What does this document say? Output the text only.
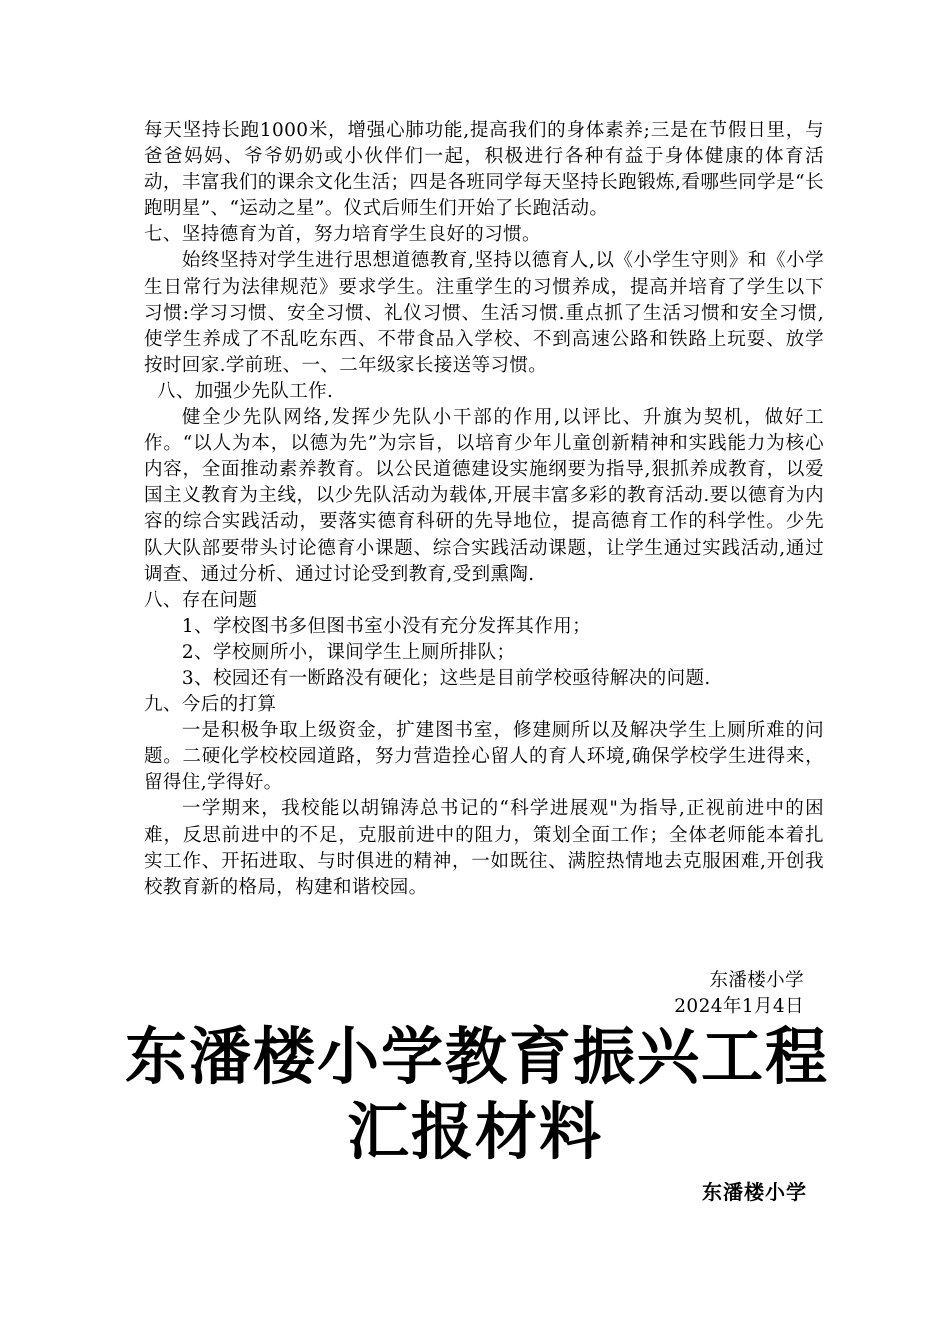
每天坚持长跑1000米，增强心肺功能,提高我们的身体素养;三是在节假日里，与爸爸妈妈、爷爷奶奶或小伙伴们一起，积极进行各种有益于身体健康的体育活动，丰富我们的课余文化生活；四是各班同学每天坚持长跑锻炼,看哪些同学是“长跑明星”、“运动之星”。仪式后师生们开始了长跑活动。

七、坚持德育为首，努力培育学生良好的习惯。

始终坚持对学生进行思想道德教育,坚持以德育人,以《小学生守则》和《小学生日常行为法律规范》要求学生。注重学生的习惯养成，提高并培育了学生以下习惯:学习习惯、安全习惯、礼仪习惯、生活习惯.重点抓了生活习惯和安全习惯,使学生养成了不乱吃东西、不带食品入学校、不到高速公路和铁路上玩耍、放学按时回家.学前班、一、二年级家长接送等习惯。

八、加强少先队工作.

健全少先队网络,发挥少先队小干部的作用,以评比、升旗为契机，做好工作。“以人为本，以德为先”为宗旨，以培育少年儿童创新精神和实践能力为核心内容，全面推动素养教育。以公民道德建设实施纲要为指导,狠抓养成教育，以爱国主义教育为主线，以少先队活动为载体,开展丰富多彩的教育活动.要以德育为内容的综合实践活动，要落实德育科研的先导地位，提高德育工作的科学性。少先队大队部要带头讨论德育小课题、综合实践活动课题，让学生通过实践活动,通过调查、通过分析、通过讨论受到教育,受到熏陶.

八、存在问题

1、学校图书多但图书室小没有充分发挥其作用；

2、学校厕所小，课间学生上厕所排队；

3、校园还有一断路没有硬化；这些是目前学校亟待解决的问题.

九、今后的打算

一是积极争取上级资金，扩建图书室，修建厕所以及解决学生上厕所难的问题。二硬化学校校园道路，努力营造拴心留人的育人环境,确保学校学生进得来，留得住,学得好。

一学期来，我校能以胡锦涛总书记的“科学进展观"为指导,正视前进中的困难，反思前进中的不足，克服前进中的阻力，策划全面工作；全体老师能本着扎实工作、开拓进取、与时俱进的精神，一如既往、满腔热情地去克服困难,开创我校教育新的格局，构建和谐校园。

东潘楼小学
2024年1月4日
东潘楼小学教育振兴工程
汇报材料
东潘楼小学
